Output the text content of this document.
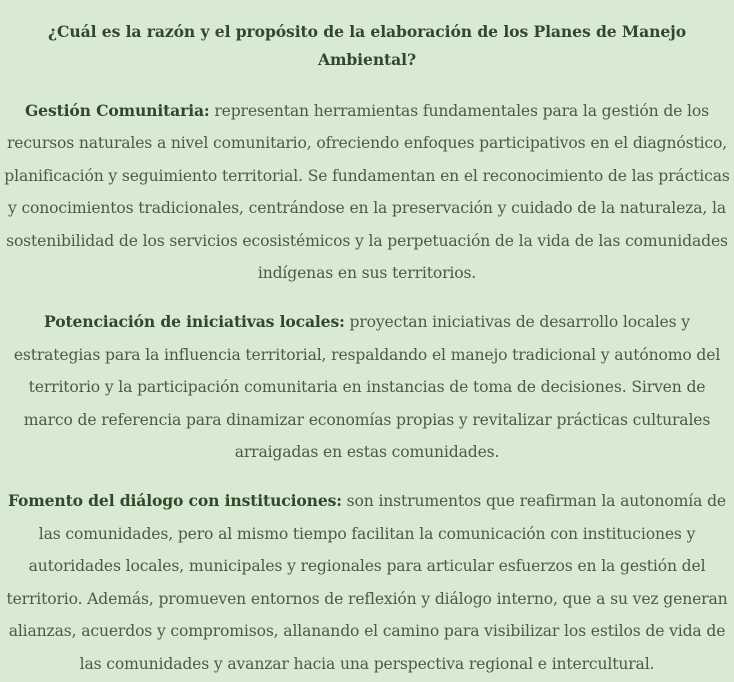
¿Cuál es la razón y el propósito de la elaboración de los Planes de Manejo Ambiental?

Gestión Comunitaria: representan herramientas fundamentales para la gestión de los recursos naturales a nivel comunitario, ofreciendo enfoques participativos en el diagnóstico, planificación y seguimiento territorial. Se fundamentan en el reconocimiento de las prácticas y conocimientos tradicionales, centrándose en la preservación y cuidado de la naturaleza, la sostenibilidad de los servicios ecosistémicos y la perpetuación de la vida de las comunidades indígenas en sus territorios.

Potenciación de iniciativas locales: proyectan iniciativas de desarrollo locales y estrategias para la influencia territorial, respaldando el manejo tradicional y autónomo del territorio y la participación comunitaria en instancias de toma de decisiones. Sirven de marco de referencia para dinamizar economías propias y revitalizar prácticas culturales arraigadas en estas comunidades.

Fomento del diálogo con instituciones: son instrumentos que reafirman la autonomía de las comunidades, pero al mismo tiempo facilitan la comunicación con instituciones y autoridades locales, municipales y regionales para articular esfuerzos en la gestión del territorio. Además, promueven entornos de reflexión y diálogo interno, que a su vez generan alianzas, acuerdos y compromisos, allanando el camino para visibilizar los estilos de vida de las comunidades y avanzar hacia una perspectiva regional e intercultural.
